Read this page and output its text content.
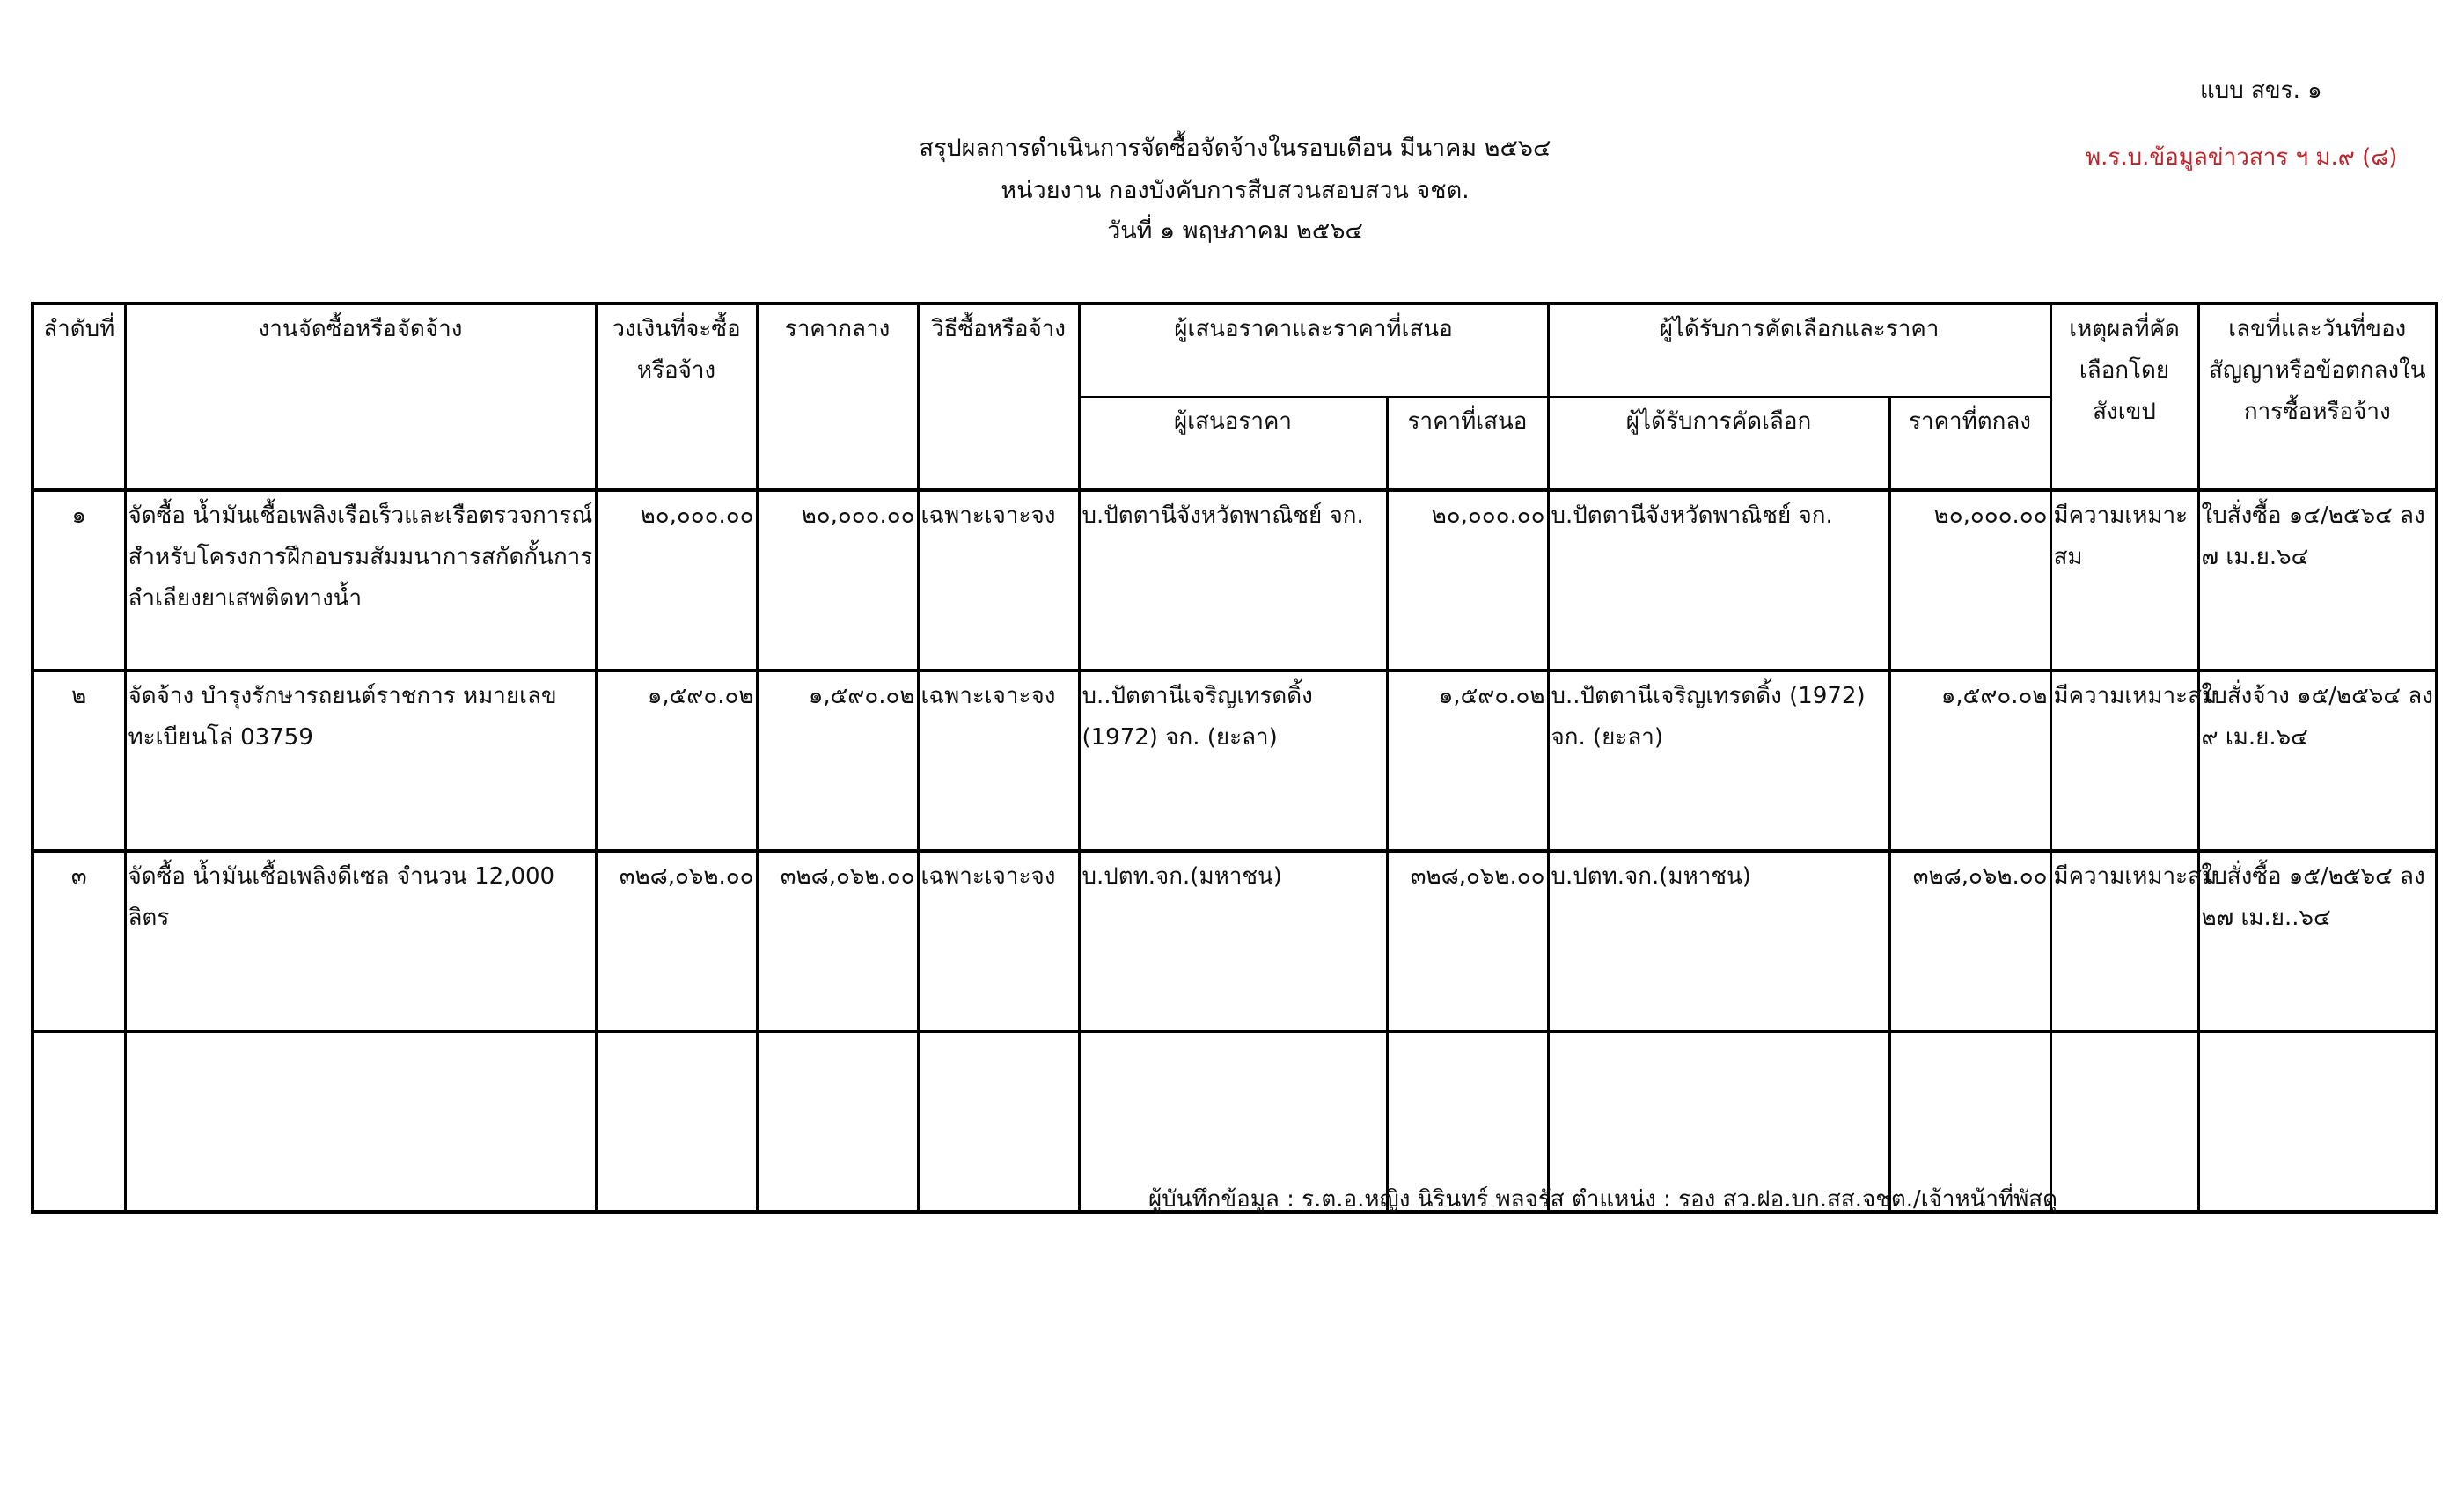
แบบ สขร. ๑
พ.ร.บ.ข้อมูลข่าวสาร ฯ ม.๙ (๘)
สรุปผลการดำเนินการจัดซื้อจัดจ้างในรอบเดือน มีนาคม ๒๕๖๔
หน่วยงาน กองบังคับการสืบสวนสอบสวน จชต.
วันที่ ๑ พฤษภาคม ๒๕๖๔
ลำดับที่	งานจัดซื้อหรือจัดจ้าง	วงเงินที่จะซื้อหรือจ้าง	ราคากลาง	วิธีซื้อหรือจ้าง	ผู้เสนอราคาและราคาที่เสนอ		ผู้ได้รับการคัดเลือกและราคา		เหตุผลที่คัดเลือกโดยสังเขป	เลขที่และวันที่ของสัญญาหรือข้อตกลงในการซื้อหรือจ้าง
					ผู้เสนอราคา	ราคาที่เสนอ	ผู้ได้รับการคัดเลือก	ราคาที่ตกลง		
๑	จัดซื้อ น้ำมันเชื้อเพลิงเรือเร็วและเรือตรวจการณ์ สำหรับโครงการฝึกอบรมสัมมนาการสกัดกั้นการลำเลียงยาเสพติดทางน้ำ	๒๐,๐๐๐.๐๐	๒๐,๐๐๐.๐๐	เฉพาะเจาะจง	บ.ปัตตานีจังหวัดพาณิชย์ จก.	๒๐,๐๐๐.๐๐	บ.ปัตตานีจังหวัดพาณิชย์ จก.	๒๐,๐๐๐.๐๐	มีความเหมาะสม	ใบสั่งซื้อ ๑๔/๒๕๖๔ ลง ๗ เม.ย.๖๔
๒	จัดจ้าง บำรุงรักษารถยนต์ราชการ หมายเลขทะเบียนโล่ 03759	๑,๕๙๐.๐๒	๑,๕๙๐.๐๒	เฉพาะเจาะจง	บ..ปัตตานีเจริญเทรดดิ้ง (1972) จก. (ยะลา)	๑,๕๙๐.๐๒	บ..ปัตตานีเจริญเทรดดิ้ง (1972) จก. (ยะลา)	๑,๕๙๐.๐๒	มีความเหมาะสม	ใบสั่งจ้าง ๑๕/๒๕๖๔ ลง ๙ เม.ย.๖๔
๓	จัดซื้อ น้ำมันเชื้อเพลิงดีเซล จำนวน 12,000 ลิตร	๓๒๘,๐๖๒.๐๐	๓๒๘,๐๖๒.๐๐	เฉพาะเจาะจง	บ.ปตท.จก.(มหาชน)	๓๒๘,๐๖๒.๐๐	บ.ปตท.จก.(มหาชน)	๓๒๘,๐๖๒.๐๐	มีความเหมาะสม	ใบสั่งซื้อ ๑๕/๒๕๖๔ ลง ๒๗ เม.ย..๖๔

ผู้บันทึกข้อมูล : ร.ต.อ.หญิง นิรินทร์ พลจรัส ตำแหน่ง : รอง สว.ฝอ.บก.สส.จชต./เจ้าหน้าที่พัสดุ
